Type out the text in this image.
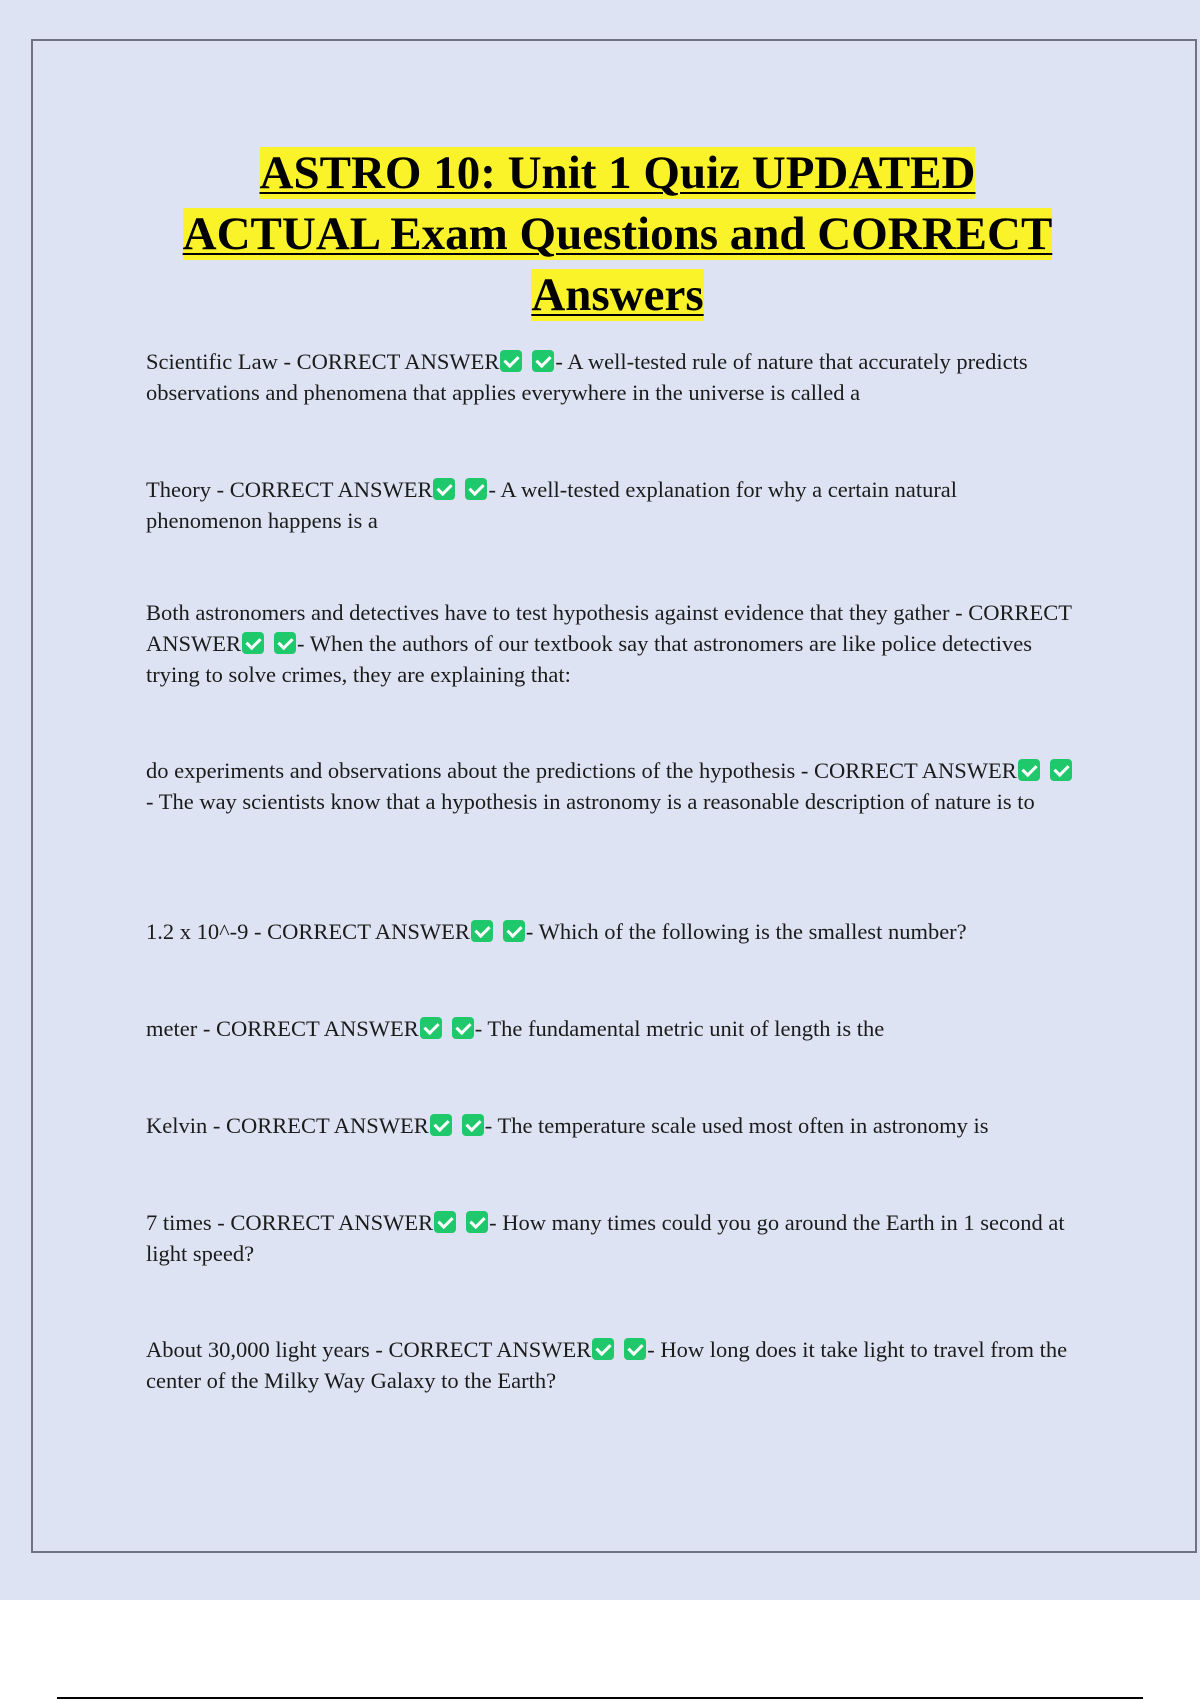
ASTRO 10: Unit 1 Quiz UPDATED
ACTUAL Exam Questions and CORRECT
Answers
Scientific Law - CORRECT ANSWER - A well-tested rule of nature that accurately predicts observations and phenomena that applies everywhere in the universe is called a
Theory - CORRECT ANSWER - A well-tested explanation for why a certain natural phenomenon happens is a
Both astronomers and detectives have to test hypothesis against evidence that they gather - CORRECT ANSWER - When the authors of our textbook say that astronomers are like police detectives trying to solve crimes, they are explaining that:
do experiments and observations about the predictions of the hypothesis - CORRECT ANSWER- The way scientists know that a hypothesis in astronomy is a reasonable description of nature is to
1.2 x 10^-9 - CORRECT ANSWER - Which of the following is the smallest number?
meter - CORRECT ANSWER - The fundamental metric unit of length is the
Kelvin - CORRECT ANSWER - The temperature scale used most often in astronomy is
7 times - CORRECT ANSWER - How many times could you go around the Earth in 1 second at light speed?
About 30,000 light years - CORRECT ANSWER - How long does it take light to travel from the center of the Milky Way Galaxy to the Earth?
